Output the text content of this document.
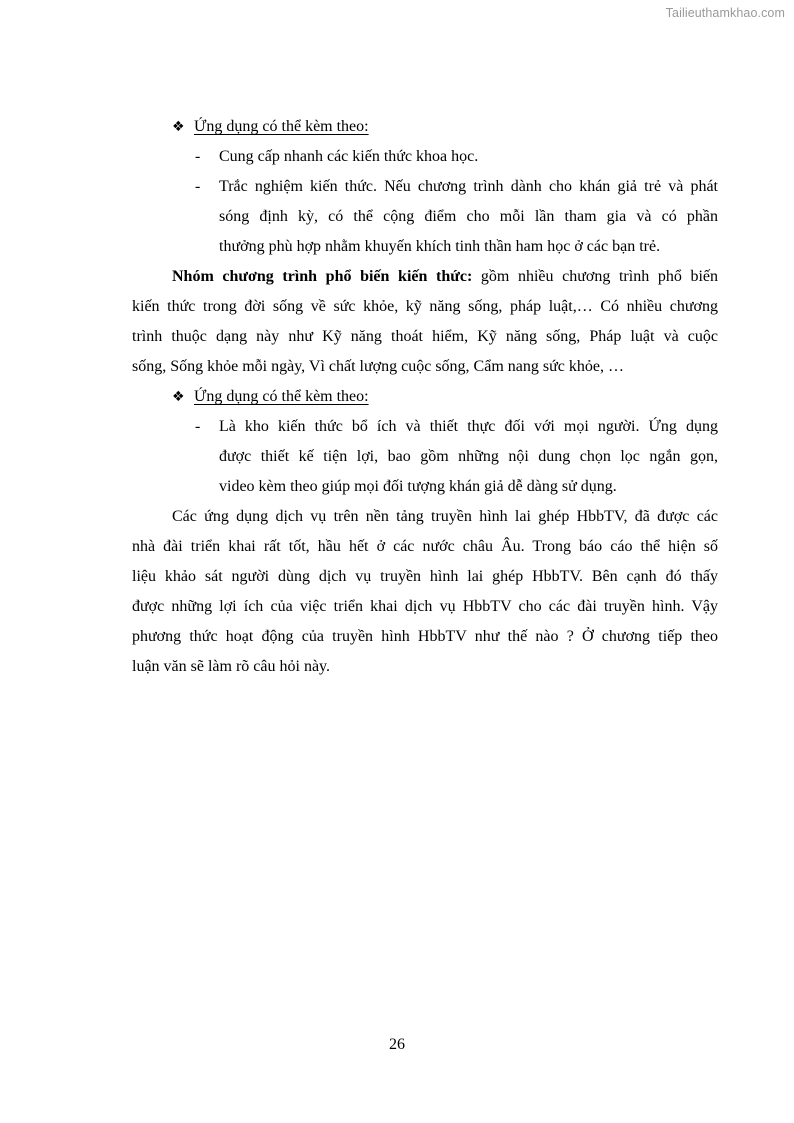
Tailieuthamkhao.com
❖ Ứng dụng có thể kèm theo:
- Cung cấp nhanh các kiến thức khoa học.
- Trắc nghiệm kiến thức. Nếu chương trình dành cho khán giả trẻ và phát
sóng định kỳ, có thể cộng điểm cho mỗi lần tham gia và có phần
thưởng phù hợp nhằm khuyến khích tinh thần ham học ở các bạn trẻ.
Nhóm chương trình phổ biến kiến thức: gồm nhiều chương trình phổ biến
kiến thức trong đời sống về sức khỏe, kỹ năng sống, pháp luật,… Có nhiều chương
trình thuộc dạng này như Kỹ năng thoát hiểm, Kỹ năng sống, Pháp luật và cuộc
sống, Sống khỏe mỗi ngày, Vì chất lượng cuộc sống, Cẩm nang sức khỏe, …
❖ Ứng dụng có thể kèm theo:
- Là kho kiến thức bổ ích và thiết thực đối với mọi người. Ứng dụng
được thiết kế tiện lợi, bao gồm những nội dung chọn lọc ngắn gọn,
video kèm theo giúp mọi đối tượng khán giả dễ dàng sử dụng.
Các ứng dụng dịch vụ trên nền tảng truyền hình lai ghép HbbTV, đã được các
nhà đài triển khai rất tốt, hầu hết ở các nước châu Âu. Trong báo cáo thể hiện số
liệu khảo sát người dùng dịch vụ truyền hình lai ghép HbbTV. Bên cạnh đó thấy
được những lợi ích của việc triển khai dịch vụ HbbTV cho các đài truyền hình. Vậy
phương thức hoạt động của truyền hình HbbTV như thế nào ? Ở chương tiếp theo
luận văn sẽ làm rõ câu hỏi này.
26
